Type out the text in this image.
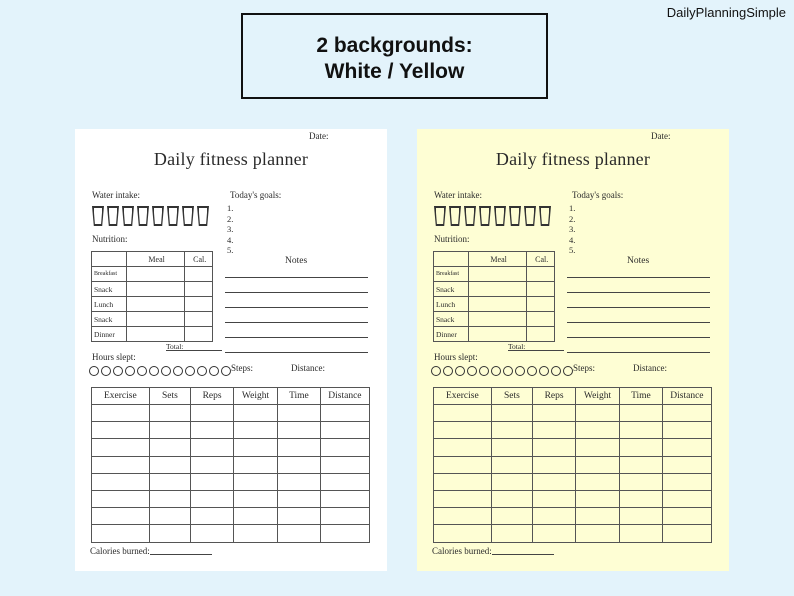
2 backgrounds:
White / Yellow
DailyPlanningSimple
Date:
Daily fitness planner
Water intake:
Nutrition:
Today's goals:
1.
2.
3.
4.
5.
	Meal	Cal.
Breakfast		
Snack		
Lunch		
Snack		
Dinner		
Total:
Notes
Hours slept:
Steps:	Distance:
Exercise	Sets	Reps	Weight	Time	Distance

Calories burned:
Date:
Daily fitness planner
Water intake:
Nutrition:
Today's goals:
1.
2.
3.
4.
5.
	Meal	Cal.
Breakfast		
Snack		
Lunch		
Snack		
Dinner		
Total:
Notes
Hours slept:
Steps:	Distance:
Exercise	Sets	Reps	Weight	Time	Distance

Calories burned:
